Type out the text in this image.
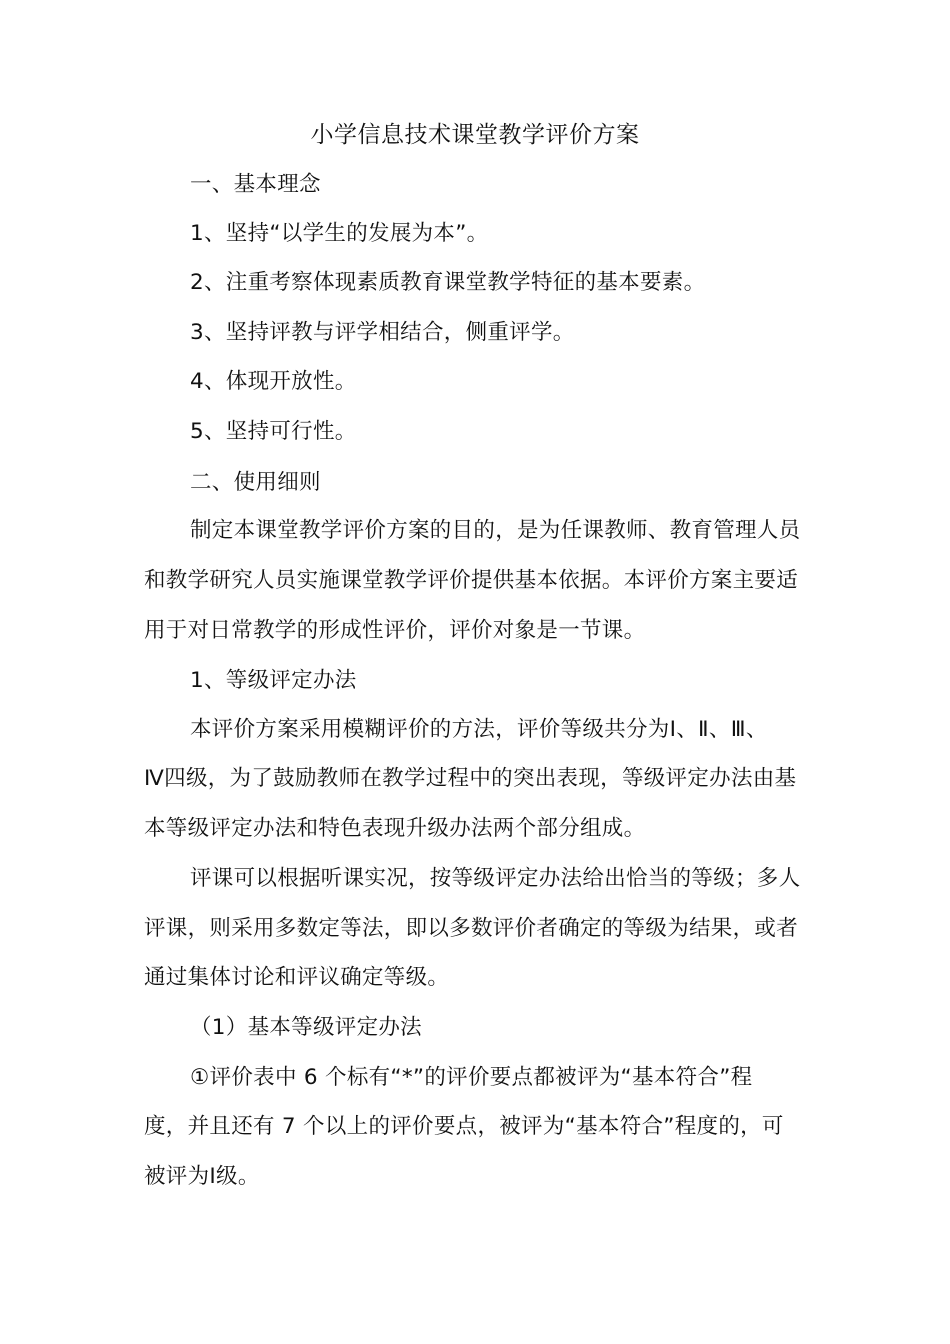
小学信息技术课堂教学评价方案
一、基本理念
1、坚持“以学生的发展为本”。
2、注重考察体现素质教育课堂教学特征的基本要素。
3、坚持评教与评学相结合，侧重评学。
4、体现开放性。
5、坚持可行性。
二、使用细则
制定本课堂教学评价方案的目的，是为任课教师、教育管理人员
和教学研究人员实施课堂教学评价提供基本依据。本评价方案主要适
用于对日常教学的形成性评价，评价对象是一节课。
1、等级评定办法
本评价方案采用模糊评价的方法，评价等级共分为Ⅰ、Ⅱ、Ⅲ、
Ⅳ四级，为了鼓励教师在教学过程中的突出表现，等级评定办法由基
本等级评定办法和特色表现升级办法两个部分组成。
评课可以根据听课实况，按等级评定办法给出恰当的等级；多人
评课，则采用多数定等法，即以多数评价者确定的等级为结果，或者
通过集体讨论和评议确定等级。
（1）基本等级评定办法
①评价表中 6 个标有“*”的评价要点都被评为“基本符合”程
度，并且还有 7 个以上的评价要点，被评为“基本符合”程度的，可
被评为Ⅰ级。
